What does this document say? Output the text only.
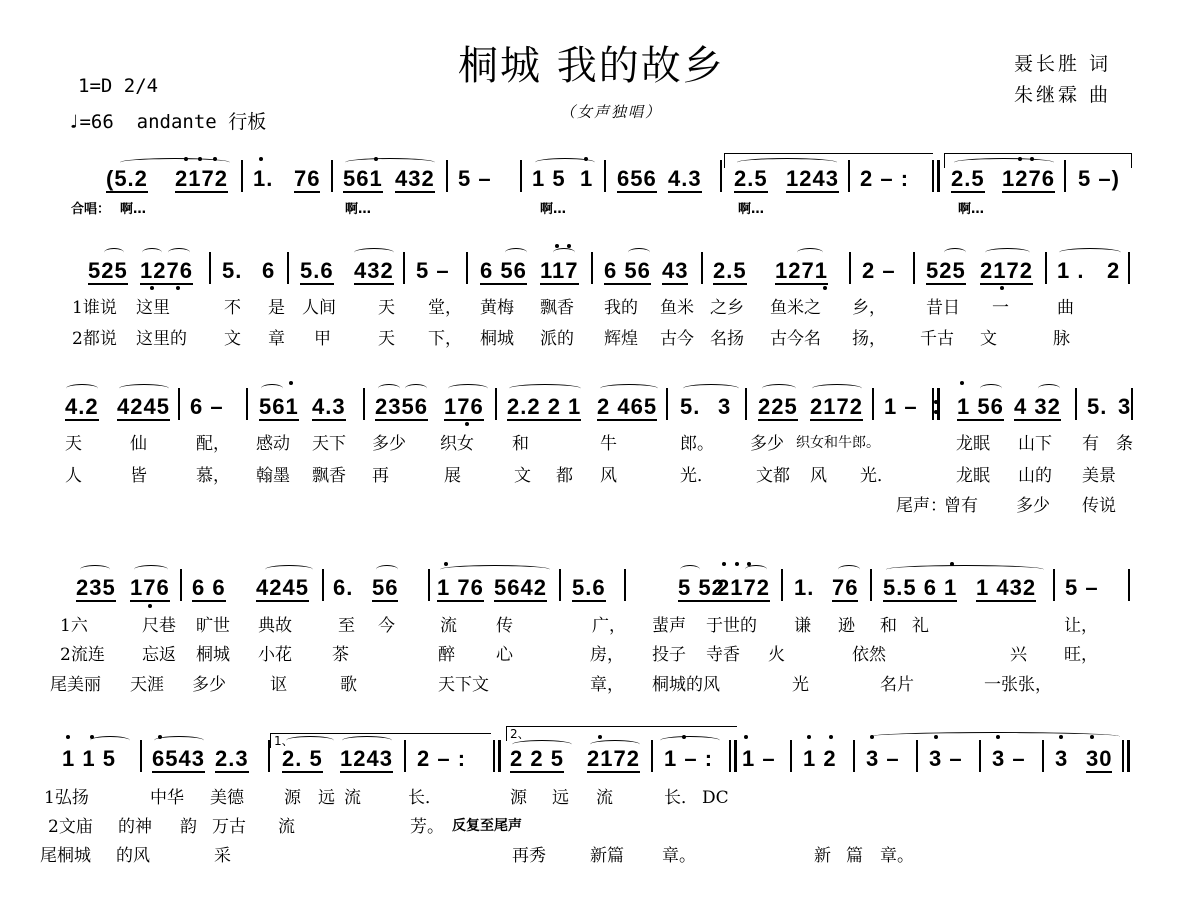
桐城 我的故乡
（女声独唱）
聂长胜 词
朱继霖 曲
1=D 2/4
♩=66 andante 行板
(5.2 2172 1. 76 561 432 5 – 1 5 1 656 4.3 2.5 1243 2 – : 2.5 1276 5 –)
合唱： 啊…	啊…	啊…	啊…	啊…
525 1276 5. 6 5.6 432 5 – 6 56 117 6 56 43 2.5 1271 2 – 525 2172 1 . 2
1谁说 这里	不 是 人间 天 堂， 黄梅 飘香 我的 鱼米 之乡 鱼米之 乡， 昔日 一	曲
2都说 这里的 文 章 甲	天 下， 桐城 派的 辉煌 古今 名扬 古今名 扬， 千古 文	脉
4.2 4245 6 – 561 4.3 2356 176 2.2 2 1 2 465 5. 3 225 2172 1 – 1 56 4 32 5. 3
天	仙	配， 感动 天下 多少 织女 和	牛	郎。 多少 织女和牛郎。	龙眠 山下 有 条
人	皆	慕， 翰墨 飘香 再	展	文 都 风	光． 文都 风 光．	龙眠 山的 美景
尾声：
曾有 多少 传说
235 176 6 6 4245 6. 56 1 76 5642 5.6	5 52
2172 1. 76 5.5 6 1 1 432 5 –
1六	尺巷 旷世 典故	至 今	流 传	广， 蜚声 于世的 谦 逊 和 礼	让，
2流连 忘返 桐城 小花 茶	醉 心	房， 投子 寺香 火	依然	兴 旺，
尾美丽 天涯 多少	讴	歌	天下文	章， 桐城的风	光	名片	一张张，
1 1 5 6543 2.3
1、
2. 5 1243 2 – :
2、
2 2 5 2172 1 – : 1 – 1 2 3 – 3 – 3 – 3 30
1弘扬	中华 美德 源 远 流	长．	源 远 流	长． DC
2文庙 的神 韵 万古 流	芳。 反复至尾声
尾桐城 的风	采	再秀	新篇 章。	新 篇 章。
